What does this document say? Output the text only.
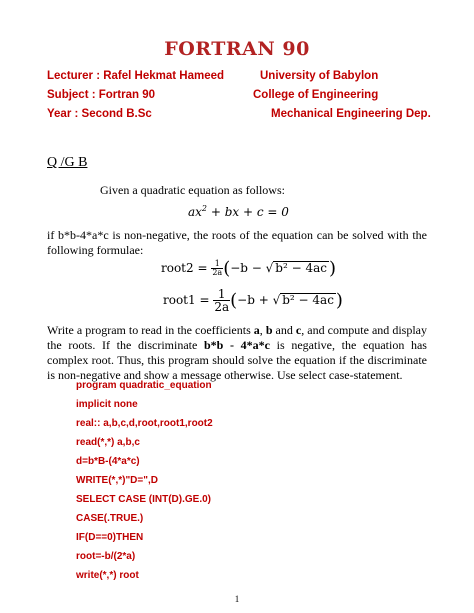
FORTRAN 90
Lecturer : Rafel Hekmat Hameed	University of Babylon
Subject : Fortran 90	College of Engineering
Year : Second B.Sc	Mechanical Engineering Dep.
Q /G B
Given a quadratic equation as follows:
$ax^2$ + bx + c = 0
if b*b-4*a*c is non-negative, the roots of the equation can be solved with the following formulae:
root2 = $\frac{1}{2a} (-b$ − √ b² − 4ac )
root1 = $\frac{1}{2a} (-b$ + √ b² − 4ac )
Write a program to read in the coefficients a, b and c, and compute and display the roots. If the discriminate b*b - 4*a*c is negative, the equation has complex root. Thus, this program should solve the equation if the discriminate is non-negative and show a message otherwise. Use select case-statement.
program quadratic_equation
implicit none
real:: a,b,c,d,root,root1,root2
read(*,*) a,b,c
d=b*B-(4*a*c)
WRITE(*,*)"D=",D
SELECT CASE (INT(D).GE.0)
CASE(.TRUE.)
IF(D==0)THEN
root=-b/(2*a)
write(*,*) root
1
